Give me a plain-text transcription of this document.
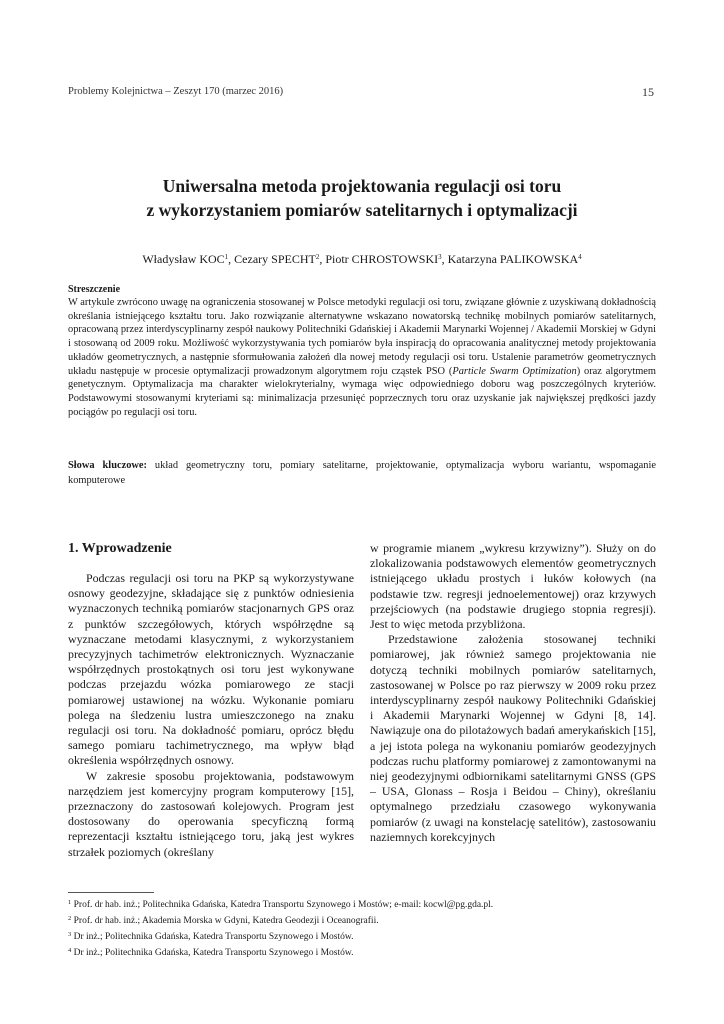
Problemy Kolejnictwa – Zeszyt 170 (marzec 2016)	15
Uniwersalna metoda projektowania regulacji osi toru
z wykorzystaniem pomiarów satelitarnych i optymalizacji
Władysław KOC$^1$, Cezary SPECHT$^2$, Piotr CHROSTOWSKI$^3$, Katarzyna PALIKOWSKA$^4$
Streszczenie

W artykule zwrócono uwagę na ograniczenia stosowanej w Polsce metodyki regulacji osi toru, związane głównie z uzyskiwaną dokładnością określania istniejącego kształtu toru. Jako rozwiązanie alternatywne wskazano nowatorską technikę mobilnych pomiarów satelitarnych, opracowaną przez interdyscyplinarny zespół naukowy Politechniki Gdańskiej i Akademii Marynarki Wojennej / Akademii Morskiej w Gdyni i stosowaną od 2009 roku. Możliwość wykorzystywania tych pomiarów była inspiracją do opracowania analitycznej metody projektowania układów geometrycznych, a następnie sformułowania założeń dla nowej metody regulacji osi toru. Ustalenie parametrów geometrycznych układu następuje w procesie optymalizacji prowadzonym algorytmem roju cząstek PSO (Particle Swarm Optimization) oraz algorytmem genetycznym. Optymalizacja ma charakter wielokryterialny, wymaga więc odpowiedniego doboru wag poszczególnych kryteriów. Podstawowymi stosowanymi kryteriami są: minimalizacja przesunięć poprzecznych toru oraz uzyskanie jak największej prędkości jazdy pociągów po regulacji osi toru.

Słowa kluczowe: układ geometryczny toru, pomiary satelitarne, projektowanie, optymalizacja wyboru wariantu, wspomaganie komputerowe

1. Wprowadzenie

Podczas regulacji osi toru na PKP są wykorzystywane osnowy geodezyjne, składające się z punktów odniesienia wyznaczonych techniką pomiarów stacjonarnych GPS oraz z punktów szczegółowych, których współrzędne są wyznaczane metodami klasycznymi, z wykorzystaniem precyzyjnych tachimetrów elektronicznych. Wyznaczanie współrzędnych prostokątnych osi toru jest wykonywane podczas przejazdu wózka pomiarowego ze stacji pomiarowej ustawionej na wózku. Wykonanie pomiaru polega na śledzeniu lustra umieszczonego na znaku regulacji osi toru. Na dokładność pomiaru, oprócz błędu samego pomiaru tachimetrycznego, ma wpływ błąd określenia współrzędnych osnowy.

W zakresie sposobu projektowania, podstawowym narzędziem jest komercyjny program komputerowy [15], przeznaczony do zastosowań kolejowych. Program jest dostosowany do operowania specyficzną formą reprezentacji kształtu istniejącego toru, jaką jest wykres strzałek poziomych (określany

w programie mianem „wykresu krzywizny”). Służy on do zlokalizowania podstawowych elementów geometrycznych istniejącego układu prostych i łuków kołowych (na podstawie tzw. regresji jednoelementowej) oraz krzywych przejściowych (na podstawie drugiego stopnia regresji). Jest to więc metoda przybliżona.

Przedstawione założenia stosowanej techniki pomiarowej, jak również samego projektowania nie dotyczą techniki mobilnych pomiarów satelitarnych, zastosowanej w Polsce po raz pierwszy w 2009 roku przez interdyscyplinarny zespół naukowy Politechniki Gdańskiej i Akademii Marynarki Wojennej w Gdyni [8, 14]. Nawiązuje ona do pilotażowych badań amerykańskich [15], a jej istota polega na wykonaniu pomiarów geodezyjnych podczas ruchu platformy pomiarowej z zamontowanymi na niej geodezyjnymi odbiornikami satelitarnymi GNSS (GPS – USA, Glonass – Rosja i Beidou – Chiny), określaniu optymalnego przedziału czasowego wykonywania pomiarów (z uwagi na konstelację satelitów), zastosowaniu naziemnych korekcyjnych

$^1$ Prof. dr hab. inż.; Politechnika Gdańska, Katedra Transportu Szynowego i Mostów; e-mail: kocwl@pg.gda.pl.
$^2$ Prof. dr hab. inż.; Akademia Morska w Gdyni, Katedra Geodezji i Oceanografii.
$^3$ Dr inż.; Politechnika Gdańska, Katedra Transportu Szynowego i Mostów.
$^4$ Dr inż.; Politechnika Gdańska, Katedra Transportu Szynowego i Mostów.
